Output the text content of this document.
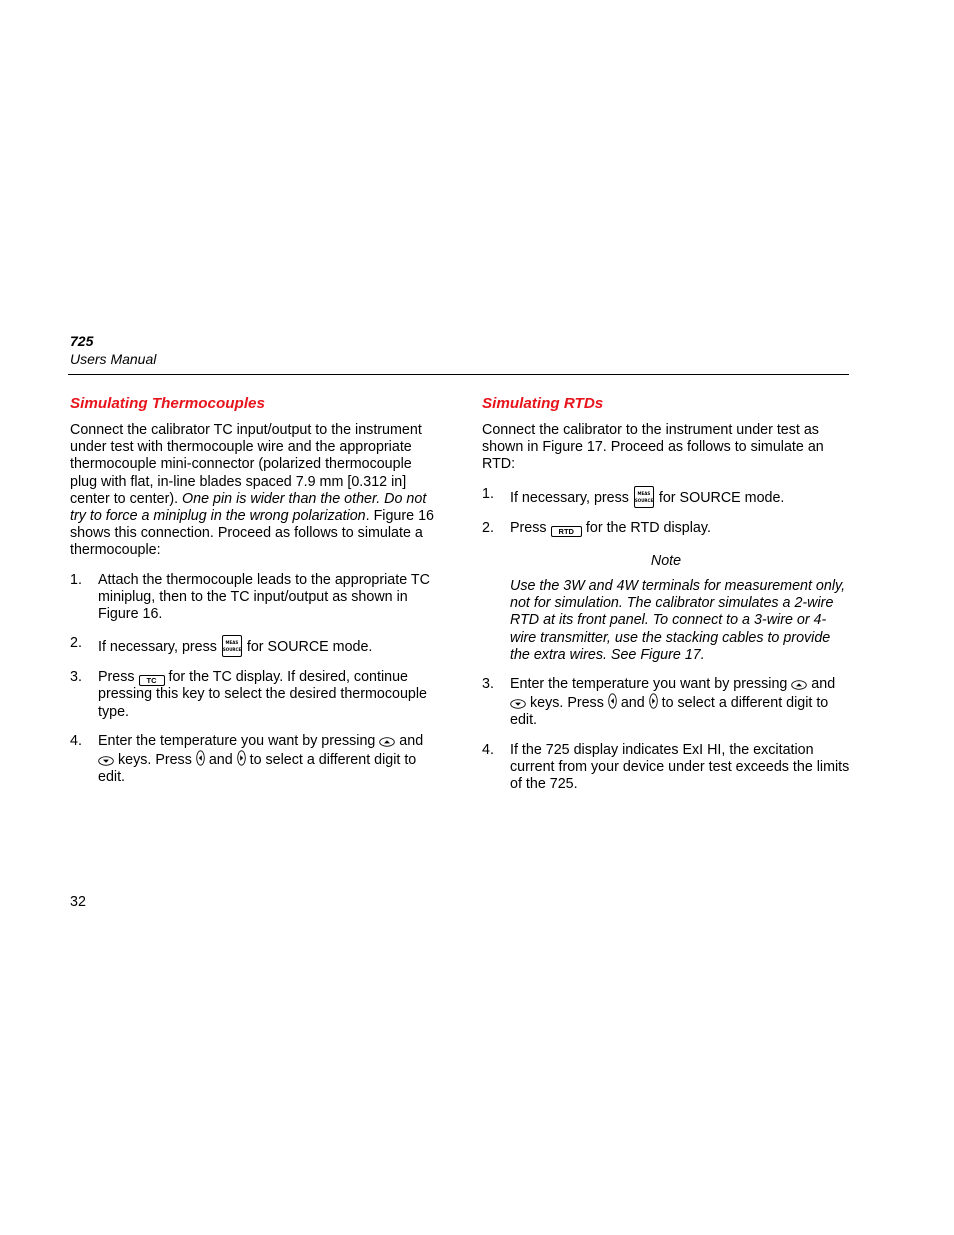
725
Users Manual
Simulating Thermocouples

Connect the calibrator TC input/output to the instrument under test with thermocouple wire and the appropriate thermocouple mini-connector (polarized thermocouple plug with flat, in-line blades spaced 7.9 mm [0.312 in] center to center). One pin is wider than the other. Do not try to force a miniplug in the wrong polarization. Figure 16 shows this connection. Proceed as follows to simulate a thermocouple:

1. Attach the thermocouple leads to the appropriate TC miniplug, then to the TC input/output as shown in Figure 16.
2. If necessary, press	MEAS
SOURCE for SOURCE mode.
3. Press TC for the TC display. If desired, continue pressing this key to select the desired thermocouple type.
4. Enter the temperature you want by pressing  and
keys. Press  and  to select a different digit to edit.
Simulating RTDs

Connect the calibrator to the instrument under test as shown in Figure 17. Proceed as follows to simulate an RTD:

1. If necessary, press	MEAS
SOURCE for SOURCE mode.
2. Press RTD for the RTD display.

Note

Use the 3W and 4W terminals for measurement only, not for simulation. The calibrator simulates a 2-wire RTD at its front panel. To connect to a 3-wire or 4-wire transmitter, use the stacking cables to provide the extra wires. See Figure 17.

3. Enter the temperature you want by pressing  and
keys. Press  and  to select a different digit to edit.
4. If the 725 display indicates ExI HI, the excitation current from your device under test exceeds the limits of the 725.
32
